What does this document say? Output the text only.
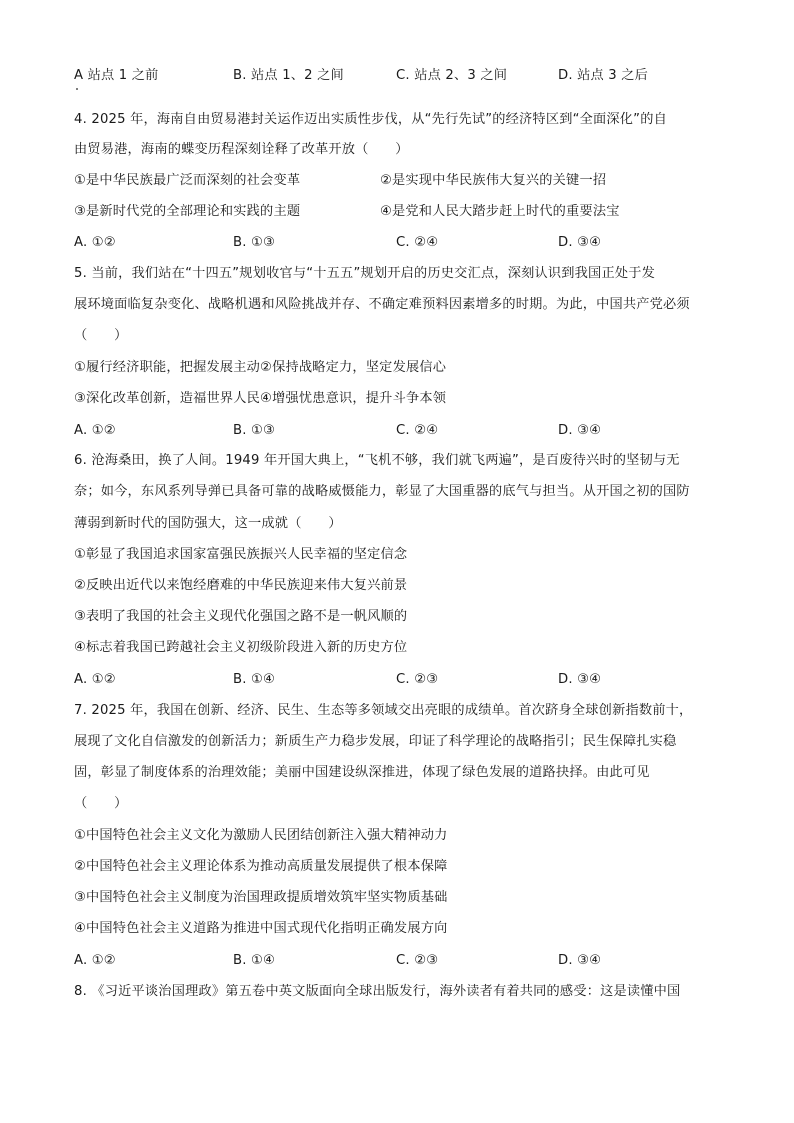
A 站点 1 之前	B. 站点 1、2 之间	C. 站点 2、3 之间	D. 站点 3 之后
4. 2025 年，海南自由贸易港封关运作迈出实质性步伐，从“先行先试”的经济特区到“全面深化”的自
由贸易港，海南的蝶变历程深刻诠释了改革开放（　　）
①是中华民族最广泛而深刻的社会变革	②是实现中华民族伟大复兴的关键一招
③是新时代党的全部理论和实践的主题	④是党和人民大踏步赶上时代的重要法宝
A. ①②	B. ①③	C. ②④	D. ③④
5. 当前，我们站在“十四五”规划收官与“十五五”规划开启的历史交汇点，深刻认识到我国正处于发
展环境面临复杂变化、战略机遇和风险挑战并存、不确定难预料因素增多的时期。为此，中国共产党必须
（　　）
①履行经济职能，把握发展主动②保持战略定力，坚定发展信心
③深化改革创新，造福世界人民④增强忧患意识，提升斗争本领
A. ①②	B. ①③	C. ②④	D. ③④
6. 沧海桑田，换了人间。1949 年开国大典上，“飞机不够，我们就飞两遍”，是百废待兴时的坚韧与无
奈；如今，东风系列导弹已具备可靠的战略威慑能力，彰显了大国重器的底气与担当。从开国之初的国防
薄弱到新时代的国防强大，这一成就（　　）
①彰显了我国追求国家富强民族振兴人民幸福的坚定信念
②反映出近代以来饱经磨难的中华民族迎来伟大复兴前景
③表明了我国的社会主义现代化强国之路不是一帆风顺的
④标志着我国已跨越社会主义初级阶段进入新的历史方位
A. ①②	B. ①④	C. ②③	D. ③④
7. 2025 年，我国在创新、经济、民生、生态等多领域交出亮眼的成绩单。首次跻身全球创新指数前十，
展现了文化自信激发的创新活力；新质生产力稳步发展，印证了科学理论的战略指引；民生保障扎实稳
固，彰显了制度体系的治理效能；美丽中国建设纵深推进，体现了绿色发展的道路抉择。由此可见
（　　）
①中国特色社会主义文化为激励人民团结创新注入强大精神动力
②中国特色社会主义理论体系为推动高质量发展提供了根本保障
③中国特色社会主义制度为治国理政提质增效筑牢坚实物质基础
④中国特色社会主义道路为推进中国式现代化指明正确发展方向
A. ①②	B. ①④	C. ②③	D. ③④
8. 《习近平谈治国理政》第五卷中英文版面向全球出版发行，海外读者有着共同的感受：这是读懂中国
